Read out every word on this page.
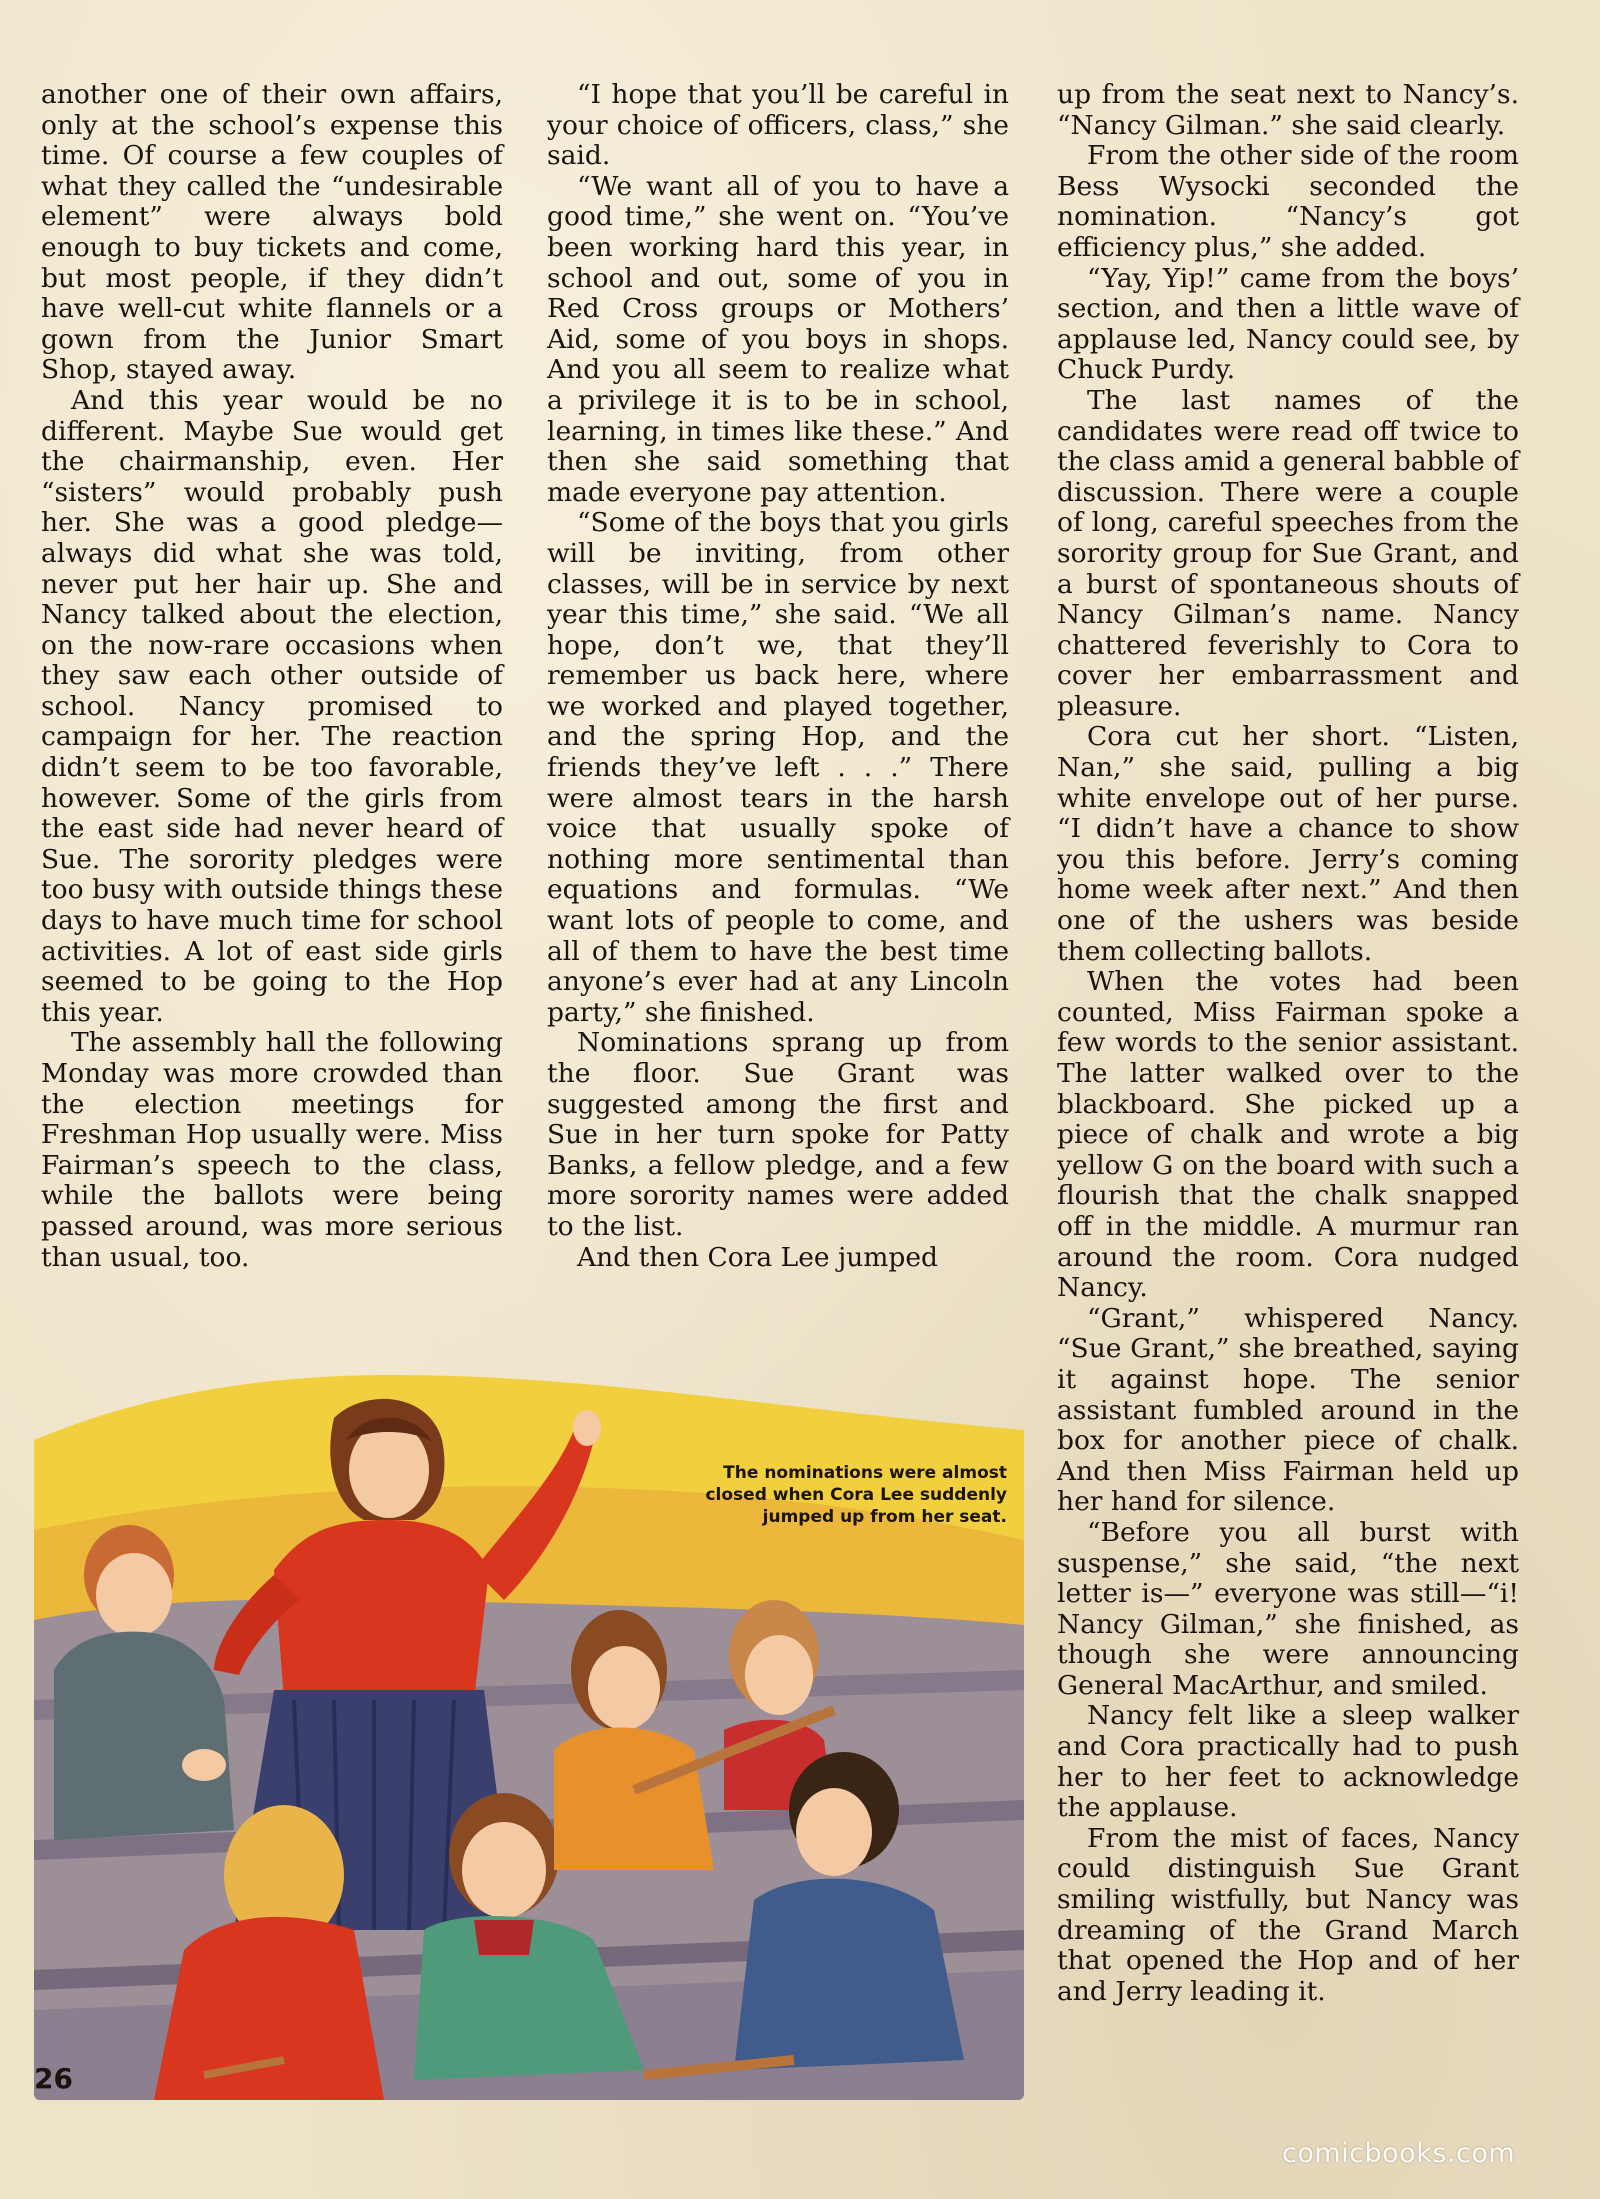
another one of their own affairs, only at the school’s expense this time. Of course a few couples of what they called the “undesirable element” were always bold enough to buy tickets and come, but most people, if they didn’t have well-cut white flannels or a gown from the Junior Smart Shop, stayed away.

And this year would be no different. Maybe Sue would get the chairmanship, even. Her “sisters” would probably push her. She was a good pledge—always did what she was told, never put her hair up. She and Nancy talked about the election, on the now-rare occasions when they saw each other outside of school. Nancy promised to campaign for her. The reaction didn’t seem to be too favorable, however. Some of the girls from the east side had never heard of Sue. The sorority pledges were too busy with outside things these days to have much time for school activities. A lot of east side girls seemed to be going to the Hop this year.

The assembly hall the following Monday was more crowded than the election meetings for Freshman Hop usually were. Miss Fairman’s speech to the class, while the ballots were being passed around, was more serious than usual, too.

“I hope that you’ll be careful in your choice of officers, class,” she said.

“We want all of you to have a good time,” she went on. “You’ve been working hard this year, in school and out, some of you in Red Cross groups or Mothers’ Aid, some of you boys in shops. And you all seem to realize what a privilege it is to be in school, learning, in times like these.” And then she said something that made everyone pay attention.

“Some of the boys that you girls will be inviting, from other classes, will be in service by next year this time,” she said. “We all hope, don’t we, that they’ll remember us back here, where we worked and played together, and the spring Hop, and the friends they’ve left . . .” There were almost tears in the harsh voice that usually spoke of nothing more sentimental than equations and formulas. “We want lots of people to come, and all of them to have the best time anyone’s ever had at any Lincoln party,” she finished.

Nominations sprang up from the floor. Sue Grant was suggested among the first and Sue in her turn spoke for Patty Banks, a fellow pledge, and a few more sorority names were added to the list.

And then Cora Lee jumped

up from the seat next to Nancy’s. “Nancy Gilman.” she said clearly.

From the other side of the room Bess Wysocki seconded the nomination. “Nancy’s got efficiency plus,” she added.

“Yay, Yip!” came from the boys’ section, and then a little wave of applause led, Nancy could see, by Chuck Purdy.

The last names of the candidates were read off twice to the class amid a general babble of discussion. There were a couple of long, careful speeches from the sorority group for Sue Grant, and a burst of spontaneous shouts of Nancy Gilman’s name. Nancy chattered feverishly to Cora to cover her embarrassment and pleasure.

Cora cut her short. “Listen, Nan,” she said, pulling a big white envelope out of her purse. “I didn’t have a chance to show you this before. Jerry’s coming home week after next.” And then one of the ushers was beside them collecting ballots.

When the votes had been counted, Miss Fairman spoke a few words to the senior assistant. The latter walked over to the blackboard. She picked up a piece of chalk and wrote a big yellow G on the board with such a flourish that the chalk snapped off in the middle. A murmur ran around the room. Cora nudged Nancy.

“Grant,” whispered Nancy. “Sue Grant,” she breathed, saying it against hope. The senior assistant fumbled around in the box for another piece of chalk. And then Miss Fairman held up her hand for silence.

“Before you all burst with suspense,” she said, “the next letter is—” everyone was still—“i! Nancy Gilman,” she finished, as though she were announcing General MacArthur, and smiled.

Nancy felt like a sleep walker and Cora practically had to push her to her feet to acknowledge the applause.

From the mist of faces, Nancy could distinguish Sue Grant smiling wistfully, but Nancy was dreaming of the Grand March that opened the Hop and of her and Jerry leading it.

The nominations were almost closed when Cora Lee suddenly jumped up from her seat.
26
comicbooks.com
